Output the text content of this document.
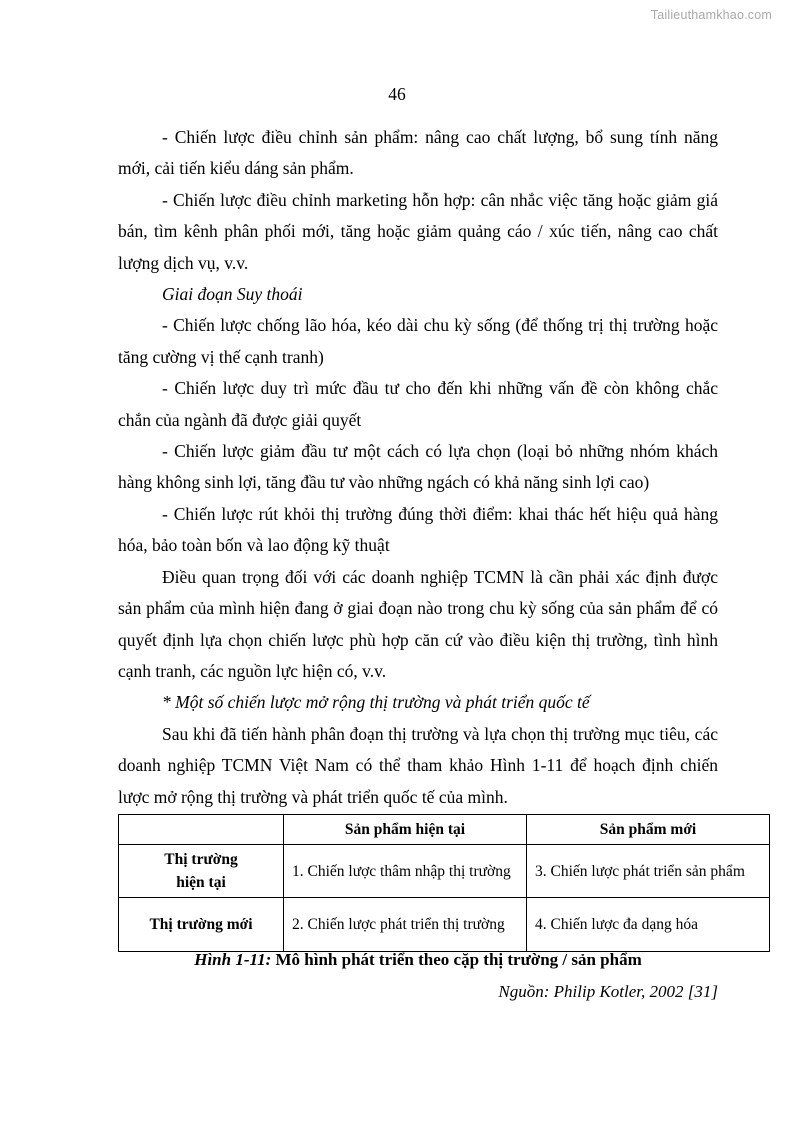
Tailieuthamkhao.com
46

- Chiến lược điều chỉnh sản phẩm: nâng cao chất lượng, bổ sung tính năng mới, cải tiến kiểu dáng sản phẩm.

- Chiến lược điều chỉnh marketing hỗn hợp: cân nhắc việc tăng hoặc giảm giá bán, tìm kênh phân phối mới, tăng hoặc giảm quảng cáo / xúc tiến, nâng cao chất lượng dịch vụ, v.v.

Giai đoạn Suy thoái

- Chiến lược chống lão hóa, kéo dài chu kỳ sống (để thống trị thị trường hoặc tăng cường vị thế cạnh tranh)

- Chiến lược duy trì mức đầu tư cho đến khi những vấn đề còn không chắc chắn của ngành đã được giải quyết

- Chiến lược giảm đầu tư một cách có lựa chọn (loại bỏ những nhóm khách hàng không sinh lợi, tăng đầu tư vào những ngách có khả năng sinh lợi cao)

- Chiến lược rút khỏi thị trường đúng thời điểm: khai thác hết hiệu quả hàng hóa, bảo toàn bốn và lao động kỹ thuật

Điều quan trọng đối với các doanh nghiệp TCMN là cần phải xác định được sản phẩm của mình hiện đang ở giai đoạn nào trong chu kỳ sống của sản phẩm để có quyết định lựa chọn chiến lược phù hợp căn cứ vào điều kiện thị trường, tình hình cạnh tranh, các nguồn lực hiện có, v.v.

* Một số chiến lược mở rộng thị trường và phát triển quốc tế

Sau khi đã tiến hành phân đoạn thị trường và lựa chọn thị trường mục tiêu, các doanh nghiệp TCMN Việt Nam có thể tham khảo Hình 1-11 để hoạch định chiến lược mở rộng thị trường và phát triển quốc tế của mình.

	Sản phẩm hiện tại	Sản phẩm mới
Thị trường
hiện tại	1. Chiến lược thâm nhập thị trường	3. Chiến lược phát triển sản phẩm
Thị trường mới	2. Chiến lược phát triển thị trường	4. Chiến lược đa dạng hóa
Hình 1-11: Mô hình phát triển theo cặp thị trường / sản phẩm
Nguồn: Philip Kotler, 2002 [31]
